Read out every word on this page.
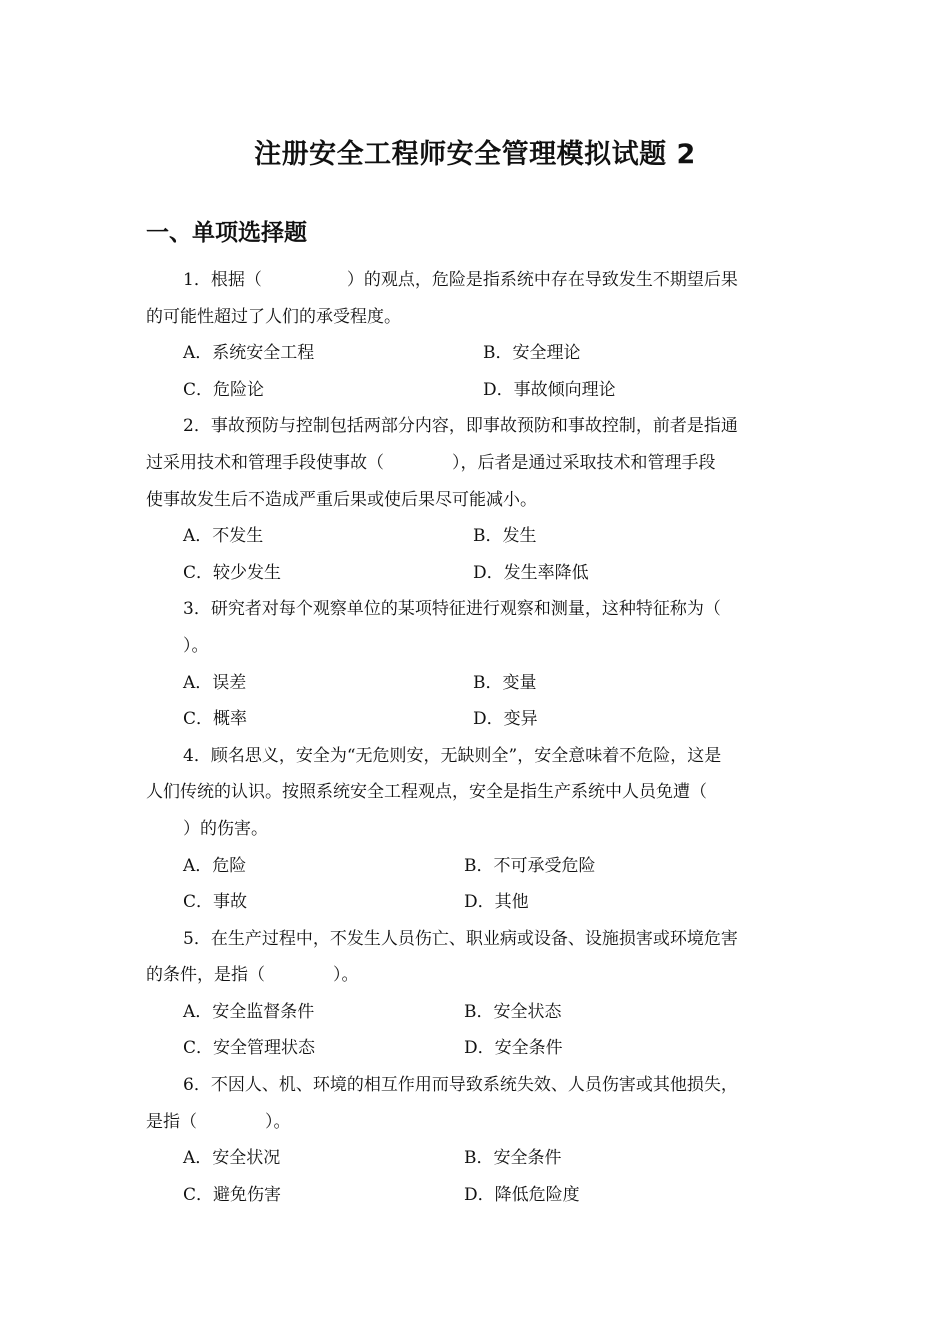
注册安全工程师安全管理模拟试题 2
一、单项选择题
1．根据（　　　　　）的观点，危险是指系统中存在导致发生不期望后果
的可能性超过了人们的承受程度。
A．系统安全工程	B．安全理论
C．危险论	D．事故倾向理论
2．事故预防与控制包括两部分内容，即事故预防和事故控制，前者是指通
过采用技术和管理手段使事故（　　　　），后者是通过采取技术和管理手段
使事故发生后不造成严重后果或使后果尽可能减小。
A．不发生	B．发生
C．较少发生	D．发生率降低
3．研究者对每个观察单位的某项特征进行观察和测量，这种特征称为（
）。
A．误差	B．变量
C．概率	D．变异
4．顾名思义，安全为“无危则安，无缺则全”，安全意味着不危险，这是
人们传统的认识。按照系统安全工程观点，安全是指生产系统中人员免遭（
）的伤害。
A．危险	B．不可承受危险
C．事故	D．其他
5．在生产过程中，不发生人员伤亡、职业病或设备、设施损害或环境危害
的条件，是指（　　　　）。
A．安全监督条件	B．安全状态
C．安全管理状态	D．安全条件
6．不因人、机、环境的相互作用而导致系统失效、人员伤害或其他损失，
是指（　　　　）。
A．安全状况	B．安全条件
C．避免伤害	D．降低危险度
